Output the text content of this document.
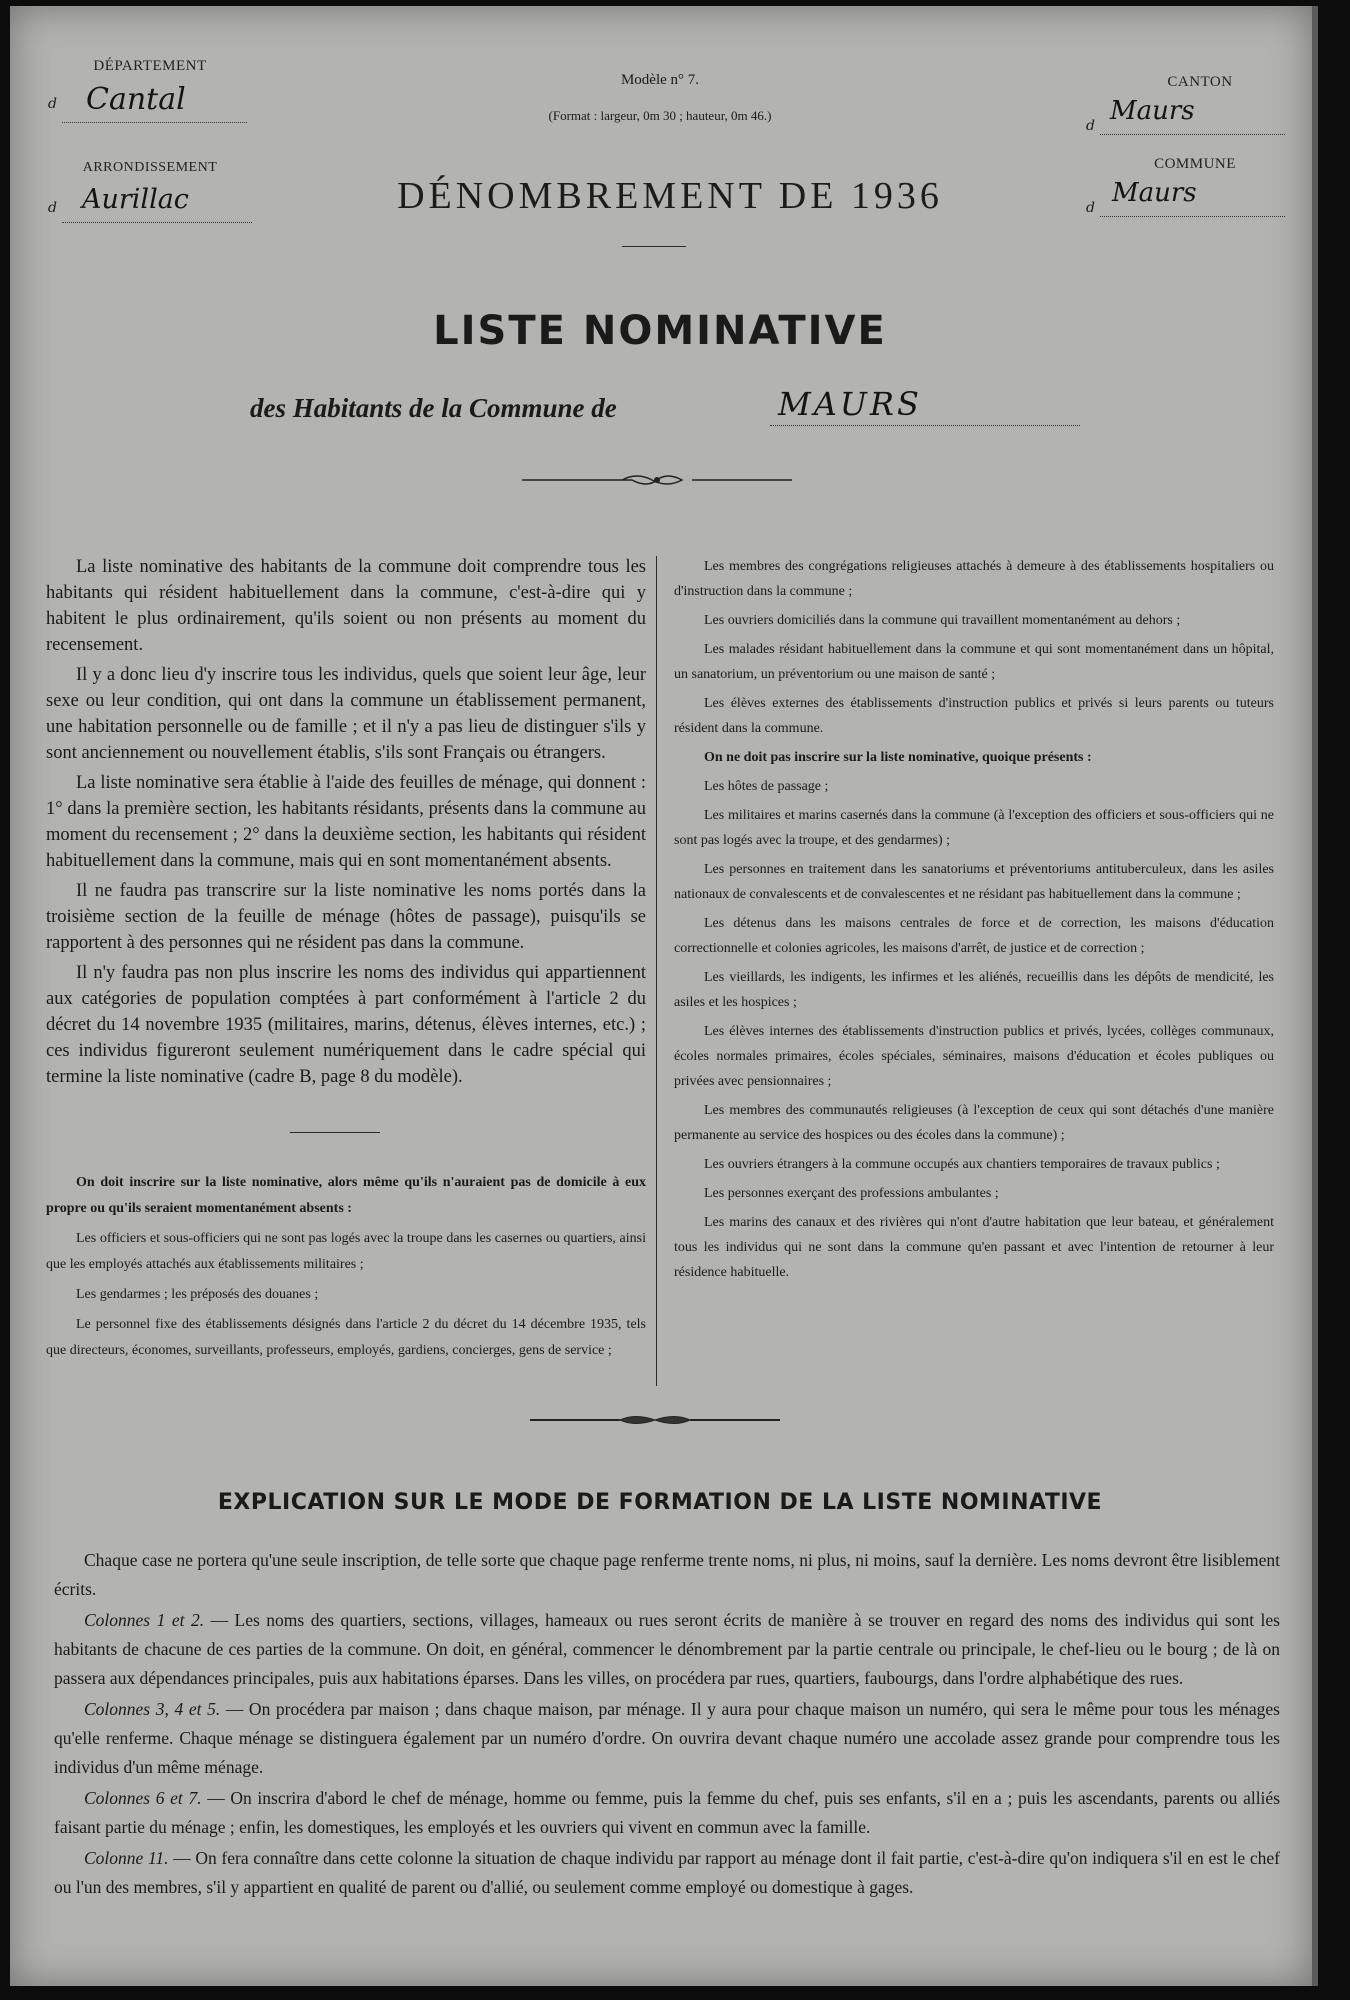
DÉPARTEMENT
d Cantal
ARRONDISSEMENT
d Aurillac
Modèle n° 7.
(Format : largeur, 0m 30 ; hauteur, 0m 46.)
DÉNOMBREMENT DE 1936
CANTON
d Maurs
COMMUNE
d Maurs
LISTE NOMINATIVE
des Habitants de la Commune de	MAURS

La liste nominative des habitants de la commune doit comprendre tous les habitants qui résident habituellement dans la commune, c'est-à-dire qui y habitent le plus ordinairement, qu'ils soient ou non présents au moment du recensement.

Il y a donc lieu d'y inscrire tous les individus, quels que soient leur âge, leur sexe ou leur condition, qui ont dans la commune un établissement permanent, une habitation personnelle ou de famille ; et il n'y a pas lieu de distinguer s'ils y sont anciennement ou nouvellement établis, s'ils sont Français ou étrangers.

La liste nominative sera établie à l'aide des feuilles de ménage, qui donnent : 1° dans la première section, les habitants résidants, présents dans la commune au moment du recensement ; 2° dans la deuxième section, les habitants qui résident habituellement dans la commune, mais qui en sont momentanément absents.

Il ne faudra pas transcrire sur la liste nominative les noms portés dans la troisième section de la feuille de ménage (hôtes de passage), puisqu'ils se rapportent à des personnes qui ne résident pas dans la commune.

Il n'y faudra pas non plus inscrire les noms des individus qui appartiennent aux catégories de population comptées à part conformément à l'article 2 du décret du 14 novembre 1935 (militaires, marins, détenus, élèves internes, etc.) ; ces individus figureront seulement numériquement dans le cadre spécial qui termine la liste nominative (cadre B, page 8 du modèle).

On doit inscrire sur la liste nominative, alors même qu'ils n'auraient pas de domicile à eux propre ou qu'ils seraient momentanément absents :

Les officiers et sous-officiers qui ne sont pas logés avec la troupe dans les casernes ou quartiers, ainsi que les employés attachés aux établissements militaires ;

Les gendarmes ; les préposés des douanes ;

Le personnel fixe des établissements désignés dans l'article 2 du décret du 14 décembre 1935, tels que directeurs, économes, surveillants, professeurs, employés, gardiens, concierges, gens de service ;

Les membres des congrégations religieuses attachés à demeure à des établissements hospitaliers ou d'instruction dans la commune ;

Les ouvriers domiciliés dans la commune qui travaillent momentanément au dehors ;

Les malades résidant habituellement dans la commune et qui sont momentanément dans un hôpital, un sanatorium, un préventorium ou une maison de santé ;

Les élèves externes des établissements d'instruction publics et privés si leurs parents ou tuteurs résident dans la commune.

On ne doit pas inscrire sur la liste nominative, quoique présents :

Les hôtes de passage ;

Les militaires et marins casernés dans la commune (à l'exception des officiers et sous-officiers qui ne sont pas logés avec la troupe, et des gendarmes) ;

Les personnes en traitement dans les sanatoriums et préventoriums antituberculeux, dans les asiles nationaux de convalescents et de convalescentes et ne résidant pas habituellement dans la commune ;

Les détenus dans les maisons centrales de force et de correction, les maisons d'éducation correctionnelle et colonies agricoles, les maisons d'arrêt, de justice et de correction ;

Les vieillards, les indigents, les infirmes et les aliénés, recueillis dans les dépôts de mendicité, les asiles et les hospices ;

Les élèves internes des établissements d'instruction publics et privés, lycées, collèges communaux, écoles normales primaires, écoles spéciales, séminaires, maisons d'éducation et écoles publiques ou privées avec pensionnaires ;

Les membres des communautés religieuses (à l'exception de ceux qui sont détachés d'une manière permanente au service des hospices ou des écoles dans la commune) ;

Les ouvriers étrangers à la commune occupés aux chantiers temporaires de travaux publics ;

Les personnes exerçant des professions ambulantes ;

Les marins des canaux et des rivières qui n'ont d'autre habitation que leur bateau, et généralement tous les individus qui ne sont dans la commune qu'en passant et avec l'intention de retourner à leur résidence habituelle.

EXPLICATION SUR LE MODE DE FORMATION DE LA LISTE NOMINATIVE

Chaque case ne portera qu'une seule inscription, de telle sorte que chaque page renferme trente noms, ni plus, ni moins, sauf la dernière. Les noms devront être lisiblement écrits.

Colonnes 1 et 2. — Les noms des quartiers, sections, villages, hameaux ou rues seront écrits de manière à se trouver en regard des noms des individus qui sont les habitants de chacune de ces parties de la commune. On doit, en général, commencer le dénombrement par la partie centrale ou principale, le chef-lieu ou le bourg ; de là on passera aux dépendances principales, puis aux habitations éparses. Dans les villes, on procédera par rues, quartiers, faubourgs, dans l'ordre alphabétique des rues.

Colonnes 3, 4 et 5. — On procédera par maison ; dans chaque maison, par ménage. Il y aura pour chaque maison un numéro, qui sera le même pour tous les ménages qu'elle renferme. Chaque ménage se distinguera également par un numéro d'ordre. On ouvrira devant chaque numéro une accolade assez grande pour comprendre tous les individus d'un même ménage.

Colonnes 6 et 7. — On inscrira d'abord le chef de ménage, homme ou femme, puis la femme du chef, puis ses enfants, s'il en a ; puis les ascendants, parents ou alliés faisant partie du ménage ; enfin, les domestiques, les employés et les ouvriers qui vivent en commun avec la famille.

Colonne 11. — On fera connaître dans cette colonne la situation de chaque individu par rapport au ménage dont il fait partie, c'est-à-dire qu'on indiquera s'il en est le chef ou l'un des membres, s'il y appartient en qualité de parent ou d'allié, ou seulement comme employé ou domestique à gages.
